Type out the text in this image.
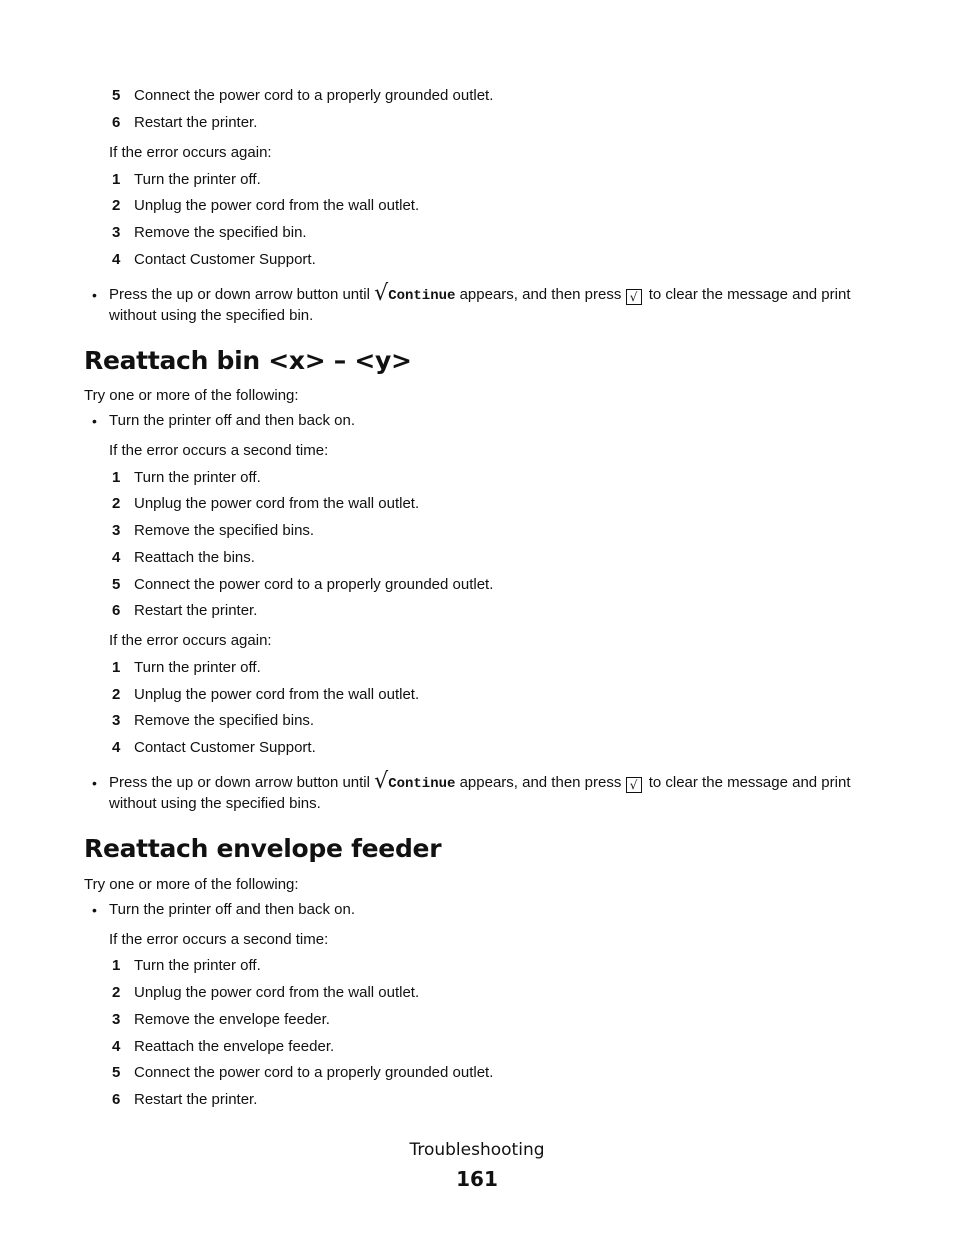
5 Connect the power cord to a properly grounded outlet.
6 Restart the printer.
If the error occurs again:
1 Turn the printer off.
2 Unplug the power cord from the wall outlet.
3 Remove the specified bin.
4 Contact Customer Support.
• Press the up or down arrow button until √Continue appears, and then press √ to clear the message and print without using the specified bin.
Reattach bin <x> – <y>
Try one or more of the following:
• Turn the printer off and then back on.
If the error occurs a second time:
1 Turn the printer off.
2 Unplug the power cord from the wall outlet.
3 Remove the specified bins.
4 Reattach the bins.
5 Connect the power cord to a properly grounded outlet.
6 Restart the printer.
If the error occurs again:
1 Turn the printer off.
2 Unplug the power cord from the wall outlet.
3 Remove the specified bins.
4 Contact Customer Support.
• Press the up or down arrow button until √Continue appears, and then press √ to clear the message and print without using the specified bins.
Reattach envelope feeder
Try one or more of the following:
• Turn the printer off and then back on.
If the error occurs a second time:
1 Turn the printer off.
2 Unplug the power cord from the wall outlet.
3 Remove the envelope feeder.
4 Reattach the envelope feeder.
5 Connect the power cord to a properly grounded outlet.
6 Restart the printer.
Troubleshooting
161
